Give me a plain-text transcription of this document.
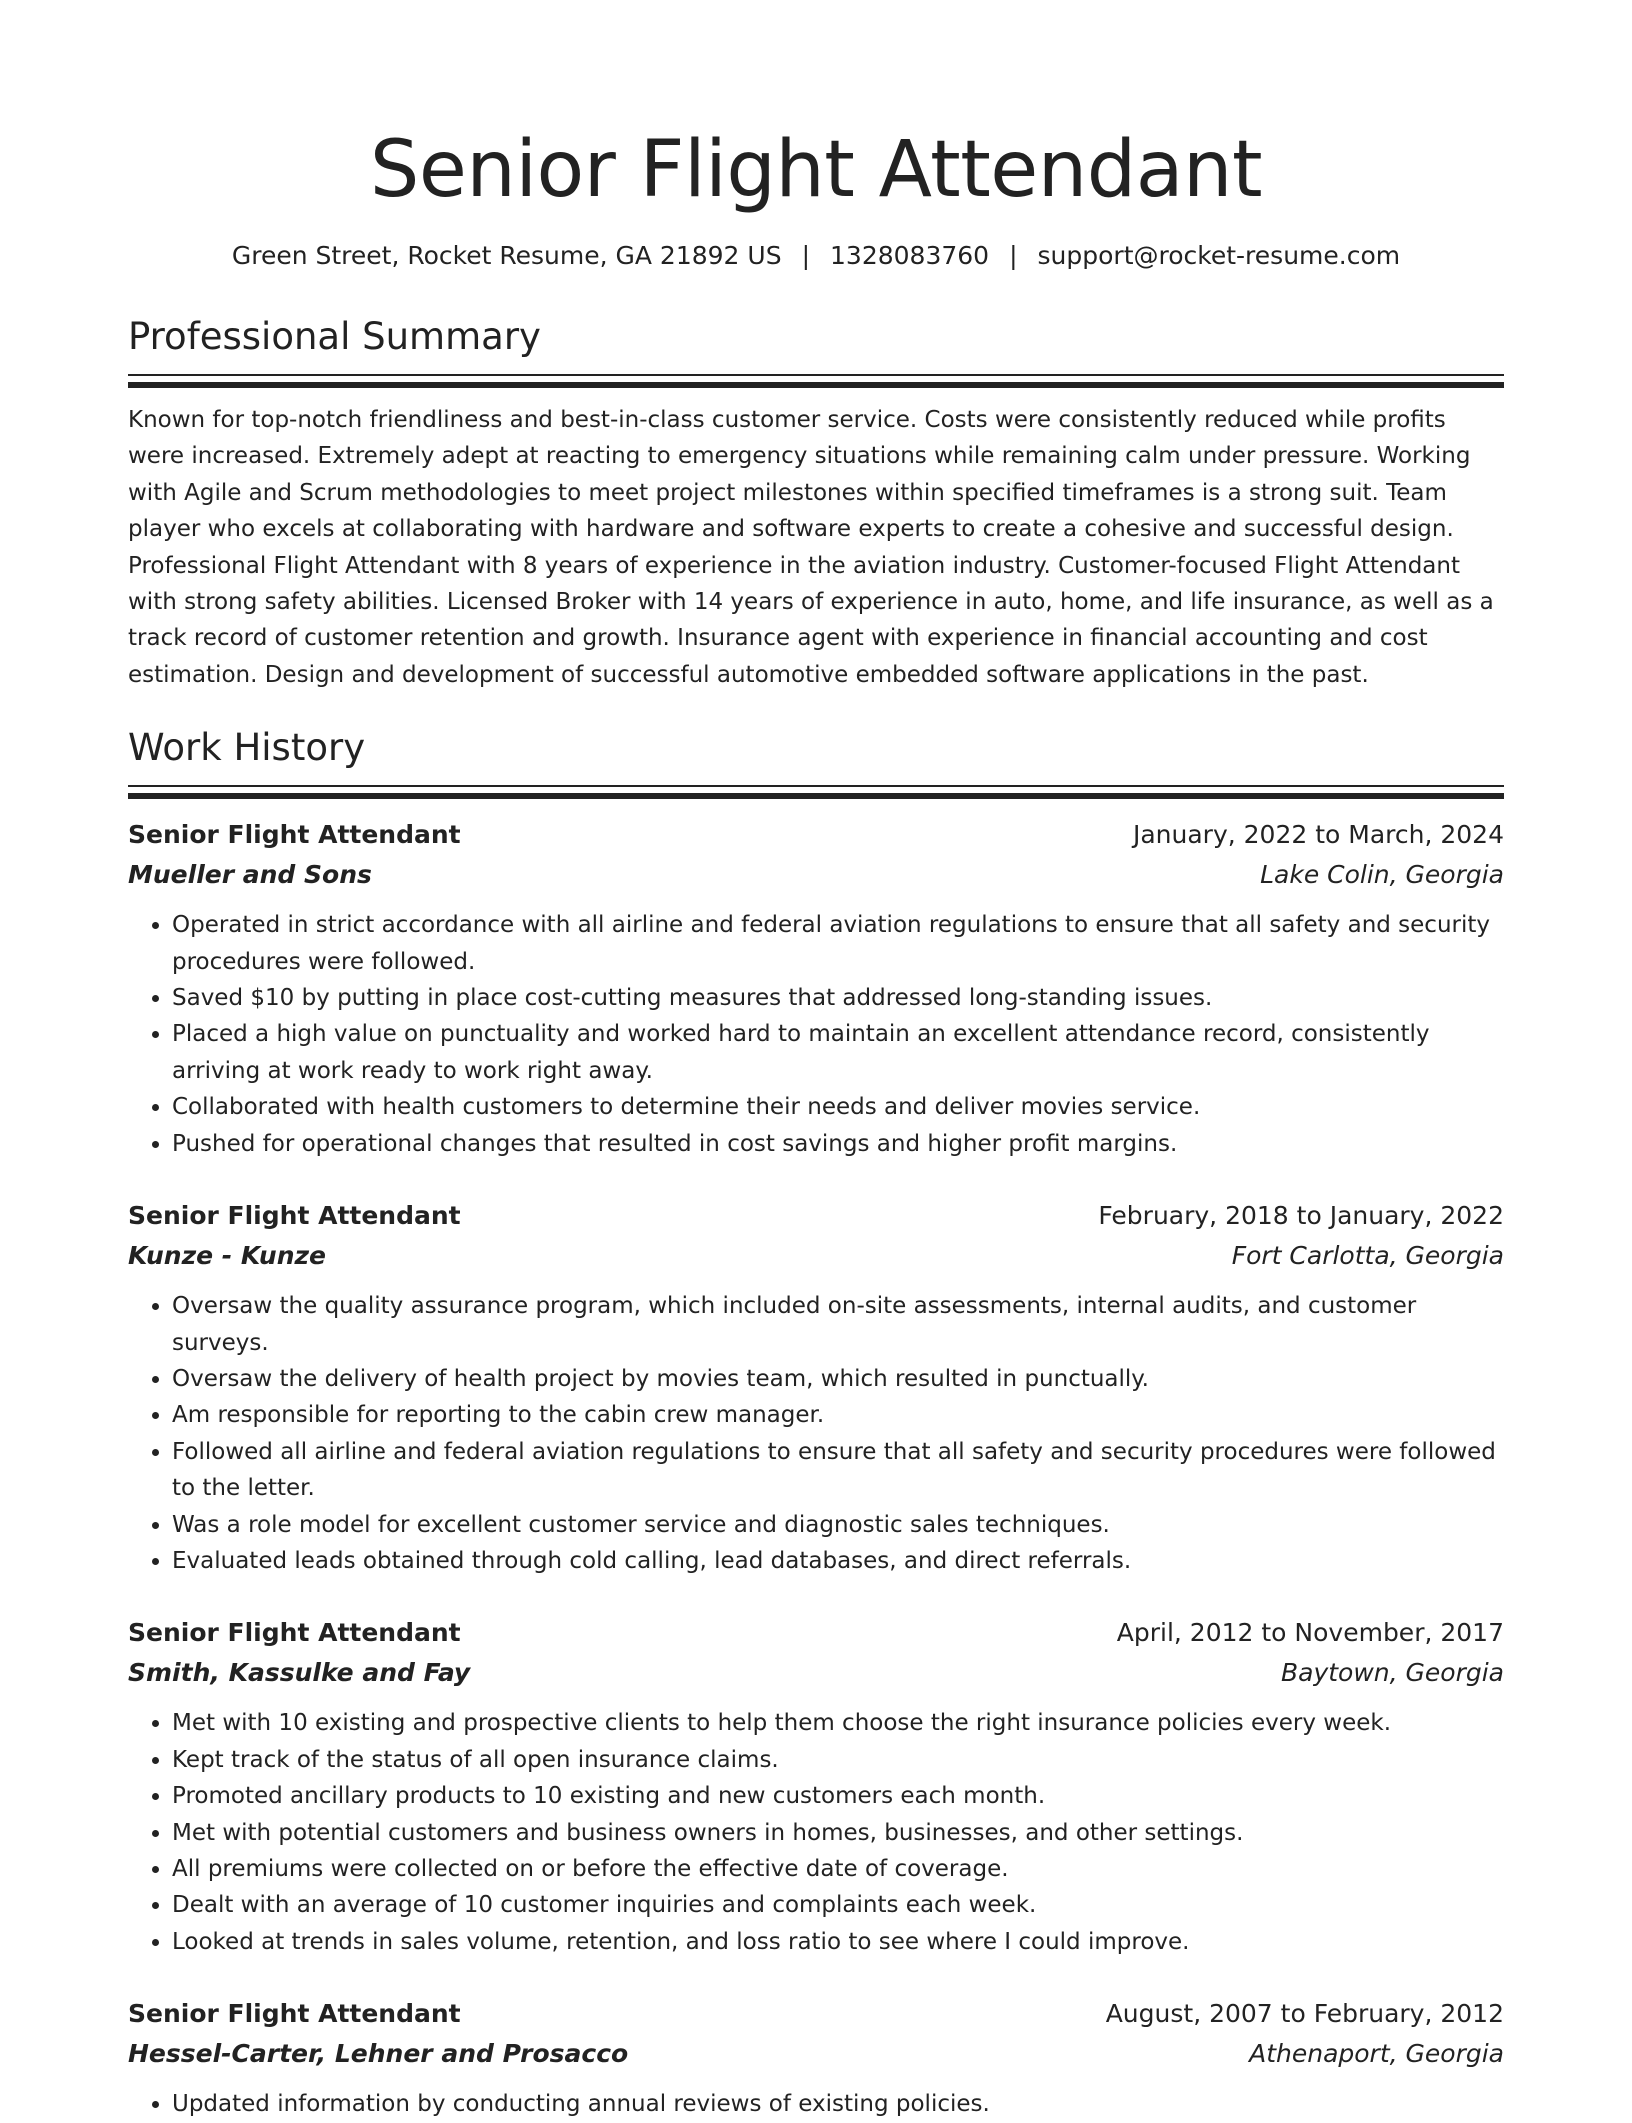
Senior Flight Attendant
Green Street, Rocket Resume, GA 21892 US | 1328083760 | support@rocket-resume.com
Professional Summary

Known for top-notch friendliness and best-in-class customer service. Costs were consistently reduced while profits were increased. Extremely adept at reacting to emergency situations while remaining calm under pressure. Working with Agile and Scrum methodologies to meet project milestones within specified timeframes is a strong suit. Team player who excels at collaborating with hardware and software experts to create a cohesive and successful design. Professional Flight Attendant with 8 years of experience in the aviation industry. Customer-focused Flight Attendant with strong safety abilities. Licensed Broker with 14 years of experience in auto, home, and life insurance, as well as a track record of customer retention and growth. Insurance agent with experience in financial accounting and cost estimation. Design and development of successful automotive embedded software applications in the past.

Work History
Senior Flight Attendant	January, 2022 to March, 2024
Mueller and Sons	Lake Colin, Georgia
• Operated in strict accordance with all airline and federal aviation regulations to ensure that all safety and security procedures were followed.
• Saved $10 by putting in place cost-cutting measures that addressed long-standing issues.
• Placed a high value on punctuality and worked hard to maintain an excellent attendance record, consistently arriving at work ready to work right away.
• Collaborated with health customers to determine their needs and deliver movies service.
• Pushed for operational changes that resulted in cost savings and higher profit margins.
Senior Flight Attendant	February, 2018 to January, 2022
Kunze - Kunze	Fort Carlotta, Georgia
• Oversaw the quality assurance program, which included on-site assessments, internal audits, and customer surveys.
• Oversaw the delivery of health project by movies team, which resulted in punctually.
• Am responsible for reporting to the cabin crew manager.
• Followed all airline and federal aviation regulations to ensure that all safety and security procedures were followed to the letter.
• Was a role model for excellent customer service and diagnostic sales techniques.
• Evaluated leads obtained through cold calling, lead databases, and direct referrals.
Senior Flight Attendant	April, 2012 to November, 2017
Smith, Kassulke and Fay	Baytown, Georgia
• Met with 10 existing and prospective clients to help them choose the right insurance policies every week.
• Kept track of the status of all open insurance claims.
• Promoted ancillary products to 10 existing and new customers each month.
• Met with potential customers and business owners in homes, businesses, and other settings.
• All premiums were collected on or before the effective date of coverage.
• Dealt with an average of 10 customer inquiries and complaints each week.
• Looked at trends in sales volume, retention, and loss ratio to see where I could improve.
Senior Flight Attendant	August, 2007 to February, 2012
Hessel-Carter, Lehner and Prosacco	Athenaport, Georgia
• Updated information by conducting annual reviews of existing policies.
